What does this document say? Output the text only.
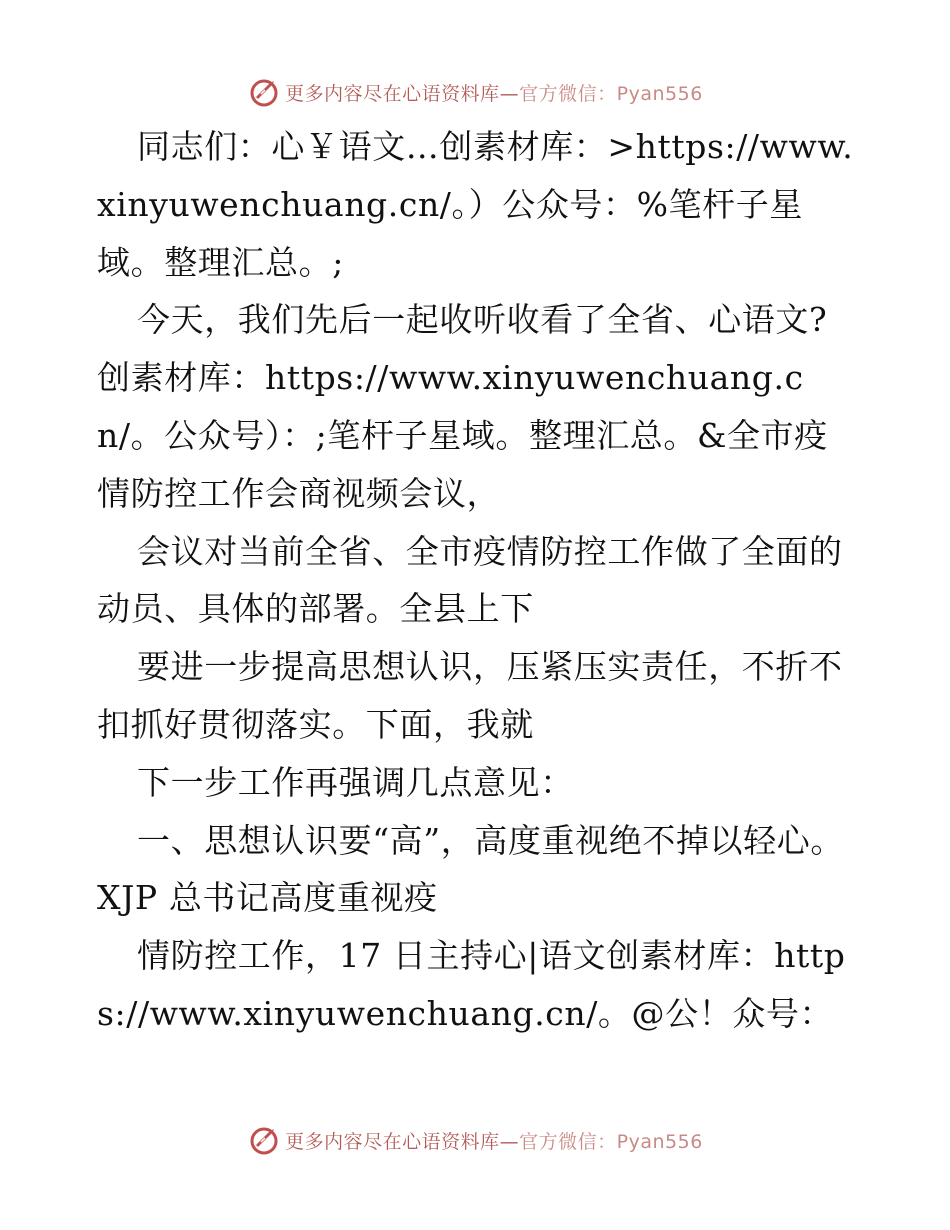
更多内容尽在心语资料库—官方微信：Pyan556

同志们：心￥语文…创素材库：>https://www.xinyuwenchuang.cn/。）公众号：%笔杆子星域。整理汇总。;

今天，我们先后一起收听收看了全省、心语文?创素材库：https://www.xinyuwenchuang.cn/。公众号）：;笔杆子星域。整理汇总。&全市疫情防控工作会商视频会议，

会议对当前全省、全市疫情防控工作做了全面的动员、具体的部署。全县上下

要进一步提高思想认识，压紧压实责任，不折不扣抓好贯彻落实。下面，我就

下一步工作再强调几点意见：

一、思想认识要“高”，高度重视绝不掉以轻心。XJP 总书记高度重视疫

情防控工作，17 日主持心|语文创素材库：https://www.xinyuwenchuang.cn/。@公！众号：

更多内容尽在心语资料库—官方微信：Pyan556
